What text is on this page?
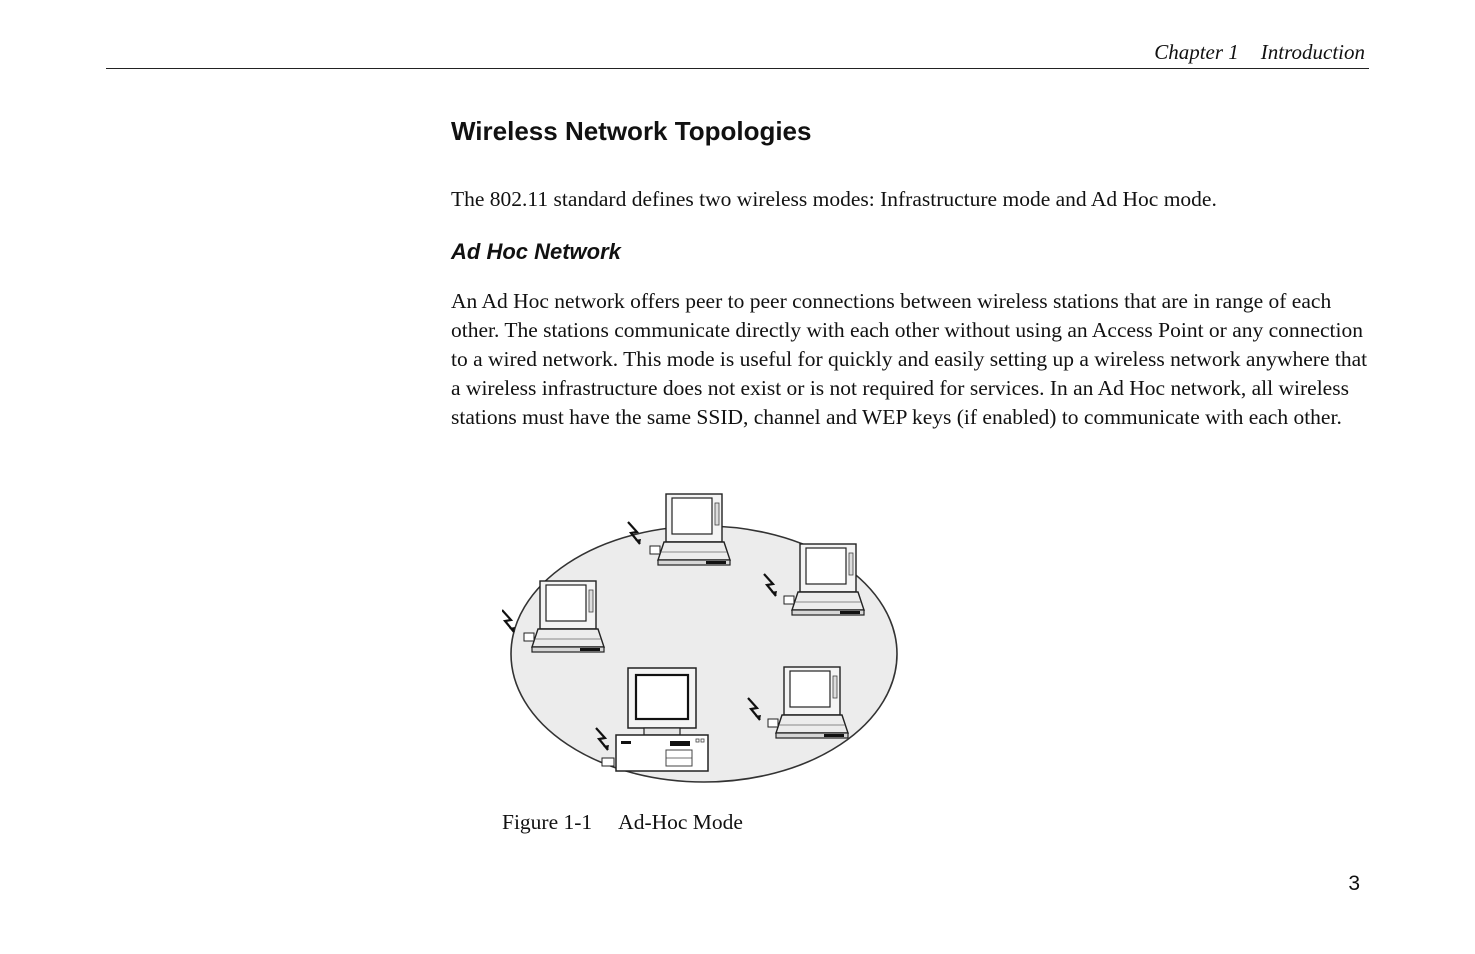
Chapter 1 Introduction
Wireless Network Topologies

The 802.11 standard defines two wireless modes: Infrastructure mode and Ad Hoc mode.

Ad Hoc Network

An Ad Hoc network offers peer to peer connections between wireless stations that are in range of each other. The stations communicate directly with each other without using an Access Point or any connection to a wired network. This mode is useful for quickly and easily setting up a wireless network anywhere that a wireless infrastructure does not exist or is not required for services. In an Ad Hoc network, all wireless stations must have the same SSID, channel and WEP keys (if enabled) to communicate with each other.

Figure 1-1 Ad-Hoc Mode
3
